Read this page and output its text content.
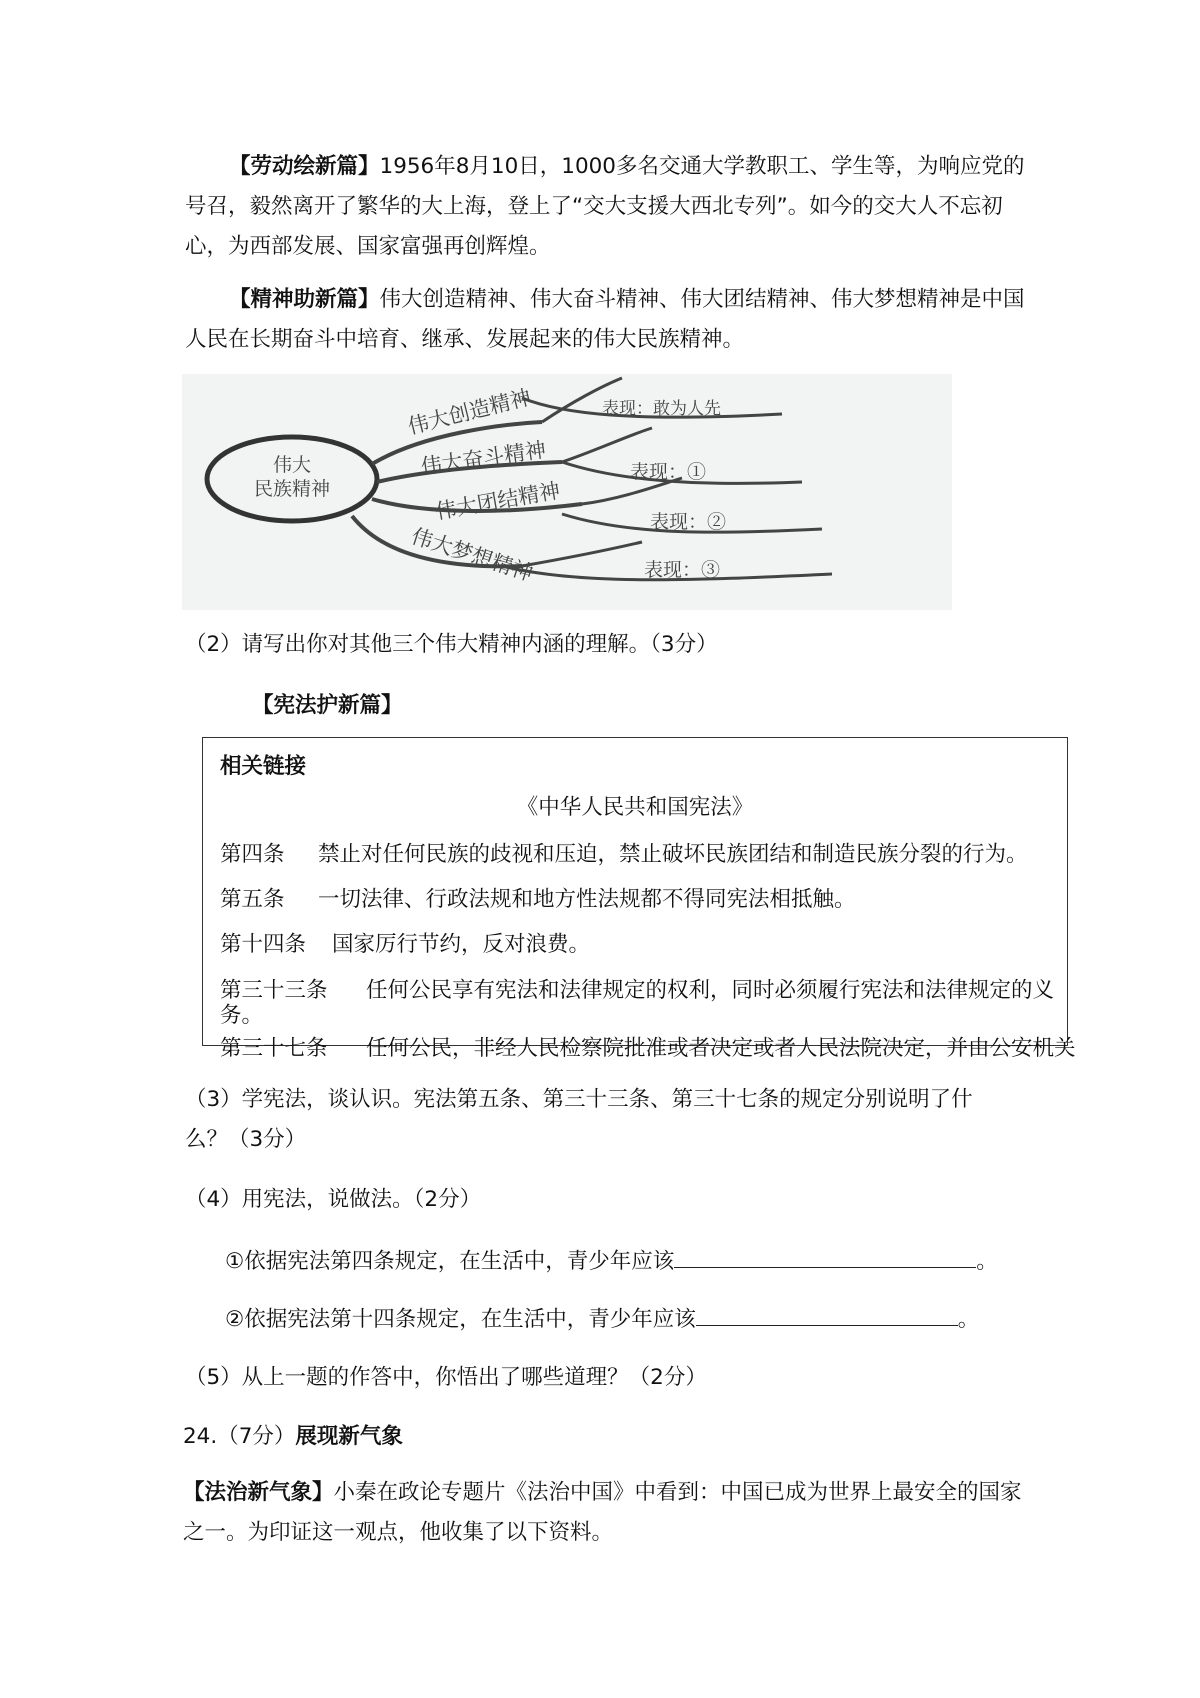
【劳动绘新篇】1956年8月10日，1000多名交通大学教职工、学生等，为响应党的号召，毅然离开了繁华的大上海，登上了“交大支援大西北专列”。如今的交大人不忘初心，为西部发展、国家富强再创辉煌。

【精神助新篇】伟大创造精神、伟大奋斗精神、伟大团结精神、伟大梦想精神是中国人民在长期奋斗中培育、继承、发展起来的伟大民族精神。

伟大
民族精神
伟大创造精神	表现：敢为人先
伟大奋斗精神	表现：①
伟大团结精神	表现：②
伟大梦想精神	表现：③

（2）请写出你对其他三个伟大精神内涵的理解。（3分）

【宪法护新篇】

相关链接
《中华人民共和国宪法》
第四条 禁止对任何民族的歧视和压迫，禁止破坏民族团结和制造民族分裂的行为。
第五条 一切法律、行政法规和地方性法规都不得同宪法相抵触。
第十四条 国家厉行节约，反对浪费。
第三十三条 任何公民享有宪法和法律规定的权利，同时必须履行宪法和法律规定的义
务。
第三十七条 任何公民，非经人民检察院批准或者决定或者人民法院决定，并由公安机关

（3）学宪法，谈认识。宪法第五条、第三十三条、第三十七条的规定分别说明了什

么？（3分）

（4）用宪法，说做法。（2分）

①依据宪法第四条规定，在生活中，青少年应该	。

②依据宪法第十四条规定，在生活中，青少年应该	。

（5）从上一题的作答中，你悟出了哪些道理？（2分）

24.（7分）展现新气象

【法治新气象】小秦在政论专题片《法治中国》中看到：中国已成为世界上最安全的国家之一。为印证这一观点，他收集了以下资料。
